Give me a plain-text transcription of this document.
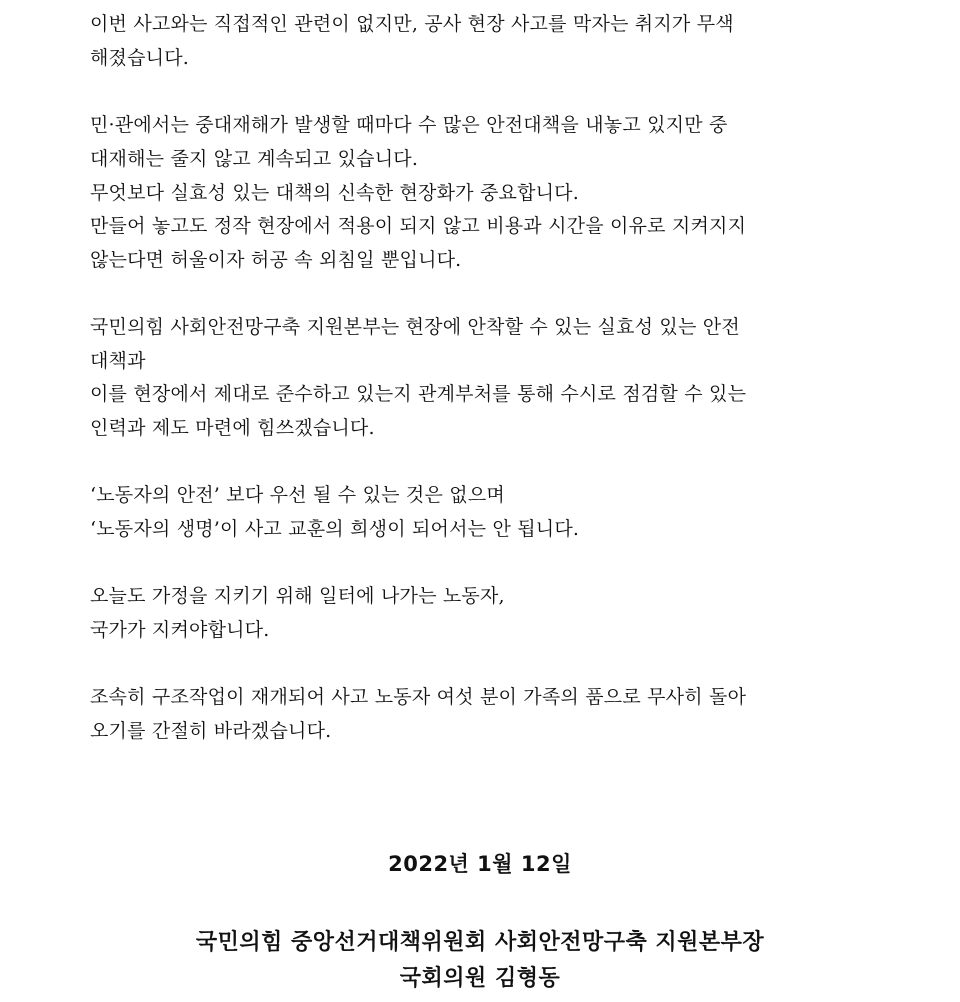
이번 사고와는 직접적인 관련이 없지만, 공사 현장 사고를 막자는 취지가 무색
해졌습니다.
민·관에서는 중대재해가 발생할 때마다 수 많은 안전대책을 내놓고 있지만 중
대재해는 줄지 않고 계속되고 있습니다.
무엇보다 실효성 있는 대책의 신속한 현장화가 중요합니다.
만들어 놓고도 정작 현장에서 적용이 되지 않고 비용과 시간을 이유로 지켜지지
않는다면 허울이자 허공 속 외침일 뿐입니다.
국민의힘 사회안전망구축 지원본부는 현장에 안착할 수 있는 실효성 있는 안전
대책과
이를 현장에서 제대로 준수하고 있는지 관계부처를 통해 수시로 점검할 수 있는
인력과 제도 마련에 힘쓰겠습니다.
‘노동자의 안전’ 보다 우선 될 수 있는 것은 없으며
‘노동자의 생명’이 사고 교훈의 희생이 되어서는 안 됩니다.
오늘도 가정을 지키기 위해 일터에 나가는 노동자,
국가가 지켜야합니다.
조속히 구조작업이 재개되어 사고 노동자 여섯 분이 가족의 품으로 무사히 돌아
오기를 간절히 바라겠습니다.
2022년 1월 12일
국민의힘 중앙선거대책위원회 사회안전망구축 지원본부장
국회의원 김형동
